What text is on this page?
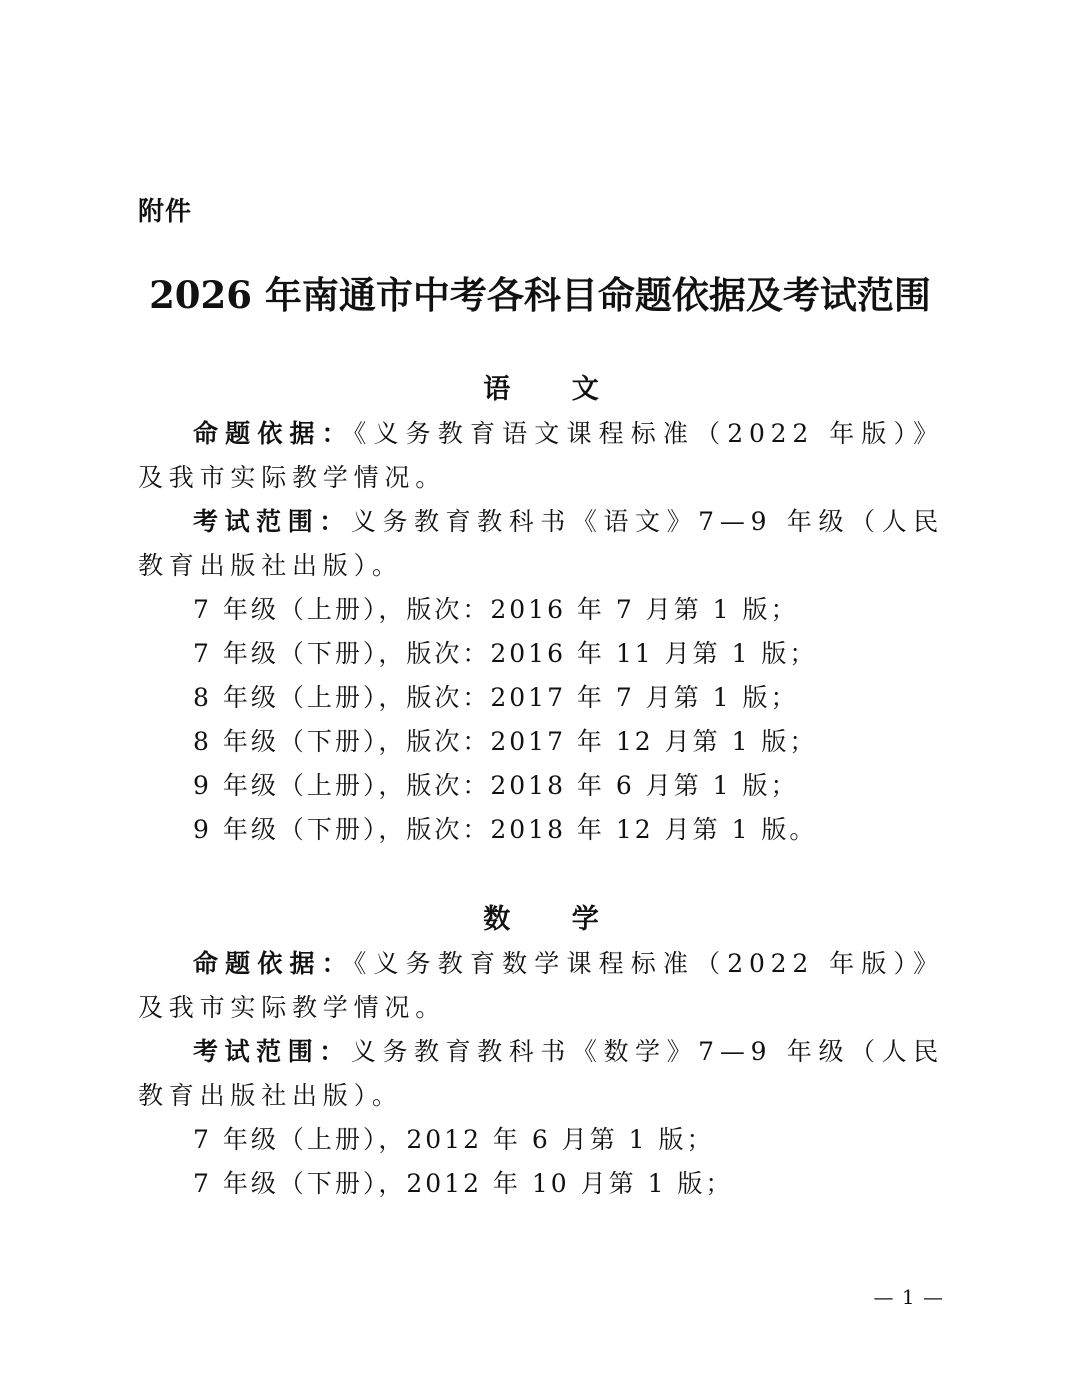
附件
2026 年南通市中考各科目命题依据及考试范围
语 文

命题依据：《义务教育语文课程标准（2022 年版）》及我市实际教学情况。

考试范围：义务教育教科书《语文》7—9 年级（人民教育出版社出版）。

7 年级（上册），版次：2016 年 7 月第 1 版；

7 年级（下册），版次：2016 年 11 月第 1 版；

8 年级（上册），版次：2017 年 7 月第 1 版；

8 年级（下册），版次：2017 年 12 月第 1 版；

9 年级（上册），版次：2018 年 6 月第 1 版；

9 年级（下册），版次：2018 年 12 月第 1 版。

数 学

命题依据：《义务教育数学课程标准（2022 年版）》及我市实际教学情况。

考试范围：义务教育教科书《数学》7—9 年级（人民教育出版社出版）。

7 年级（上册），2012 年 6 月第 1 版；

7 年级（下册），2012 年 10 月第 1 版；

— 1 —
